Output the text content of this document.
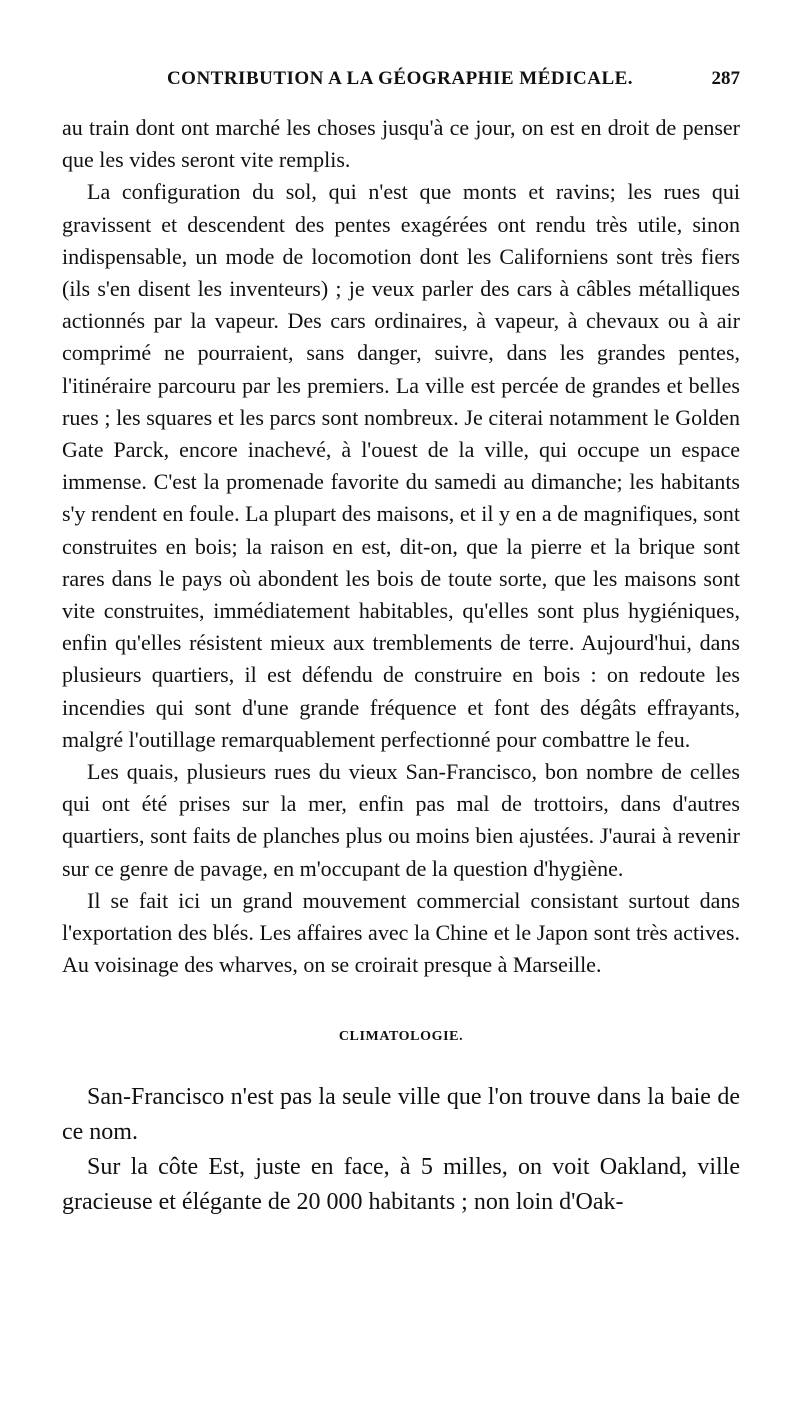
CONTRIBUTION A LA GÉOGRAPHIE MÉDICALE.	287

au train dont ont marché les choses jusqu'à ce jour, on est en droit de penser que les vides seront vite remplis.

La configuration du sol, qui n'est que monts et ravins; les rues qui gravissent et descendent des pentes exagérées ont rendu très utile, sinon indispensable, un mode de locomotion dont les Californiens sont très fiers (ils s'en disent les inventeurs) ; je veux parler des cars à câbles métalliques actionnés par la vapeur. Des cars ordinaires, à vapeur, à chevaux ou à air comprimé ne pourraient, sans danger, suivre, dans les grandes pentes, l'itinéraire parcouru par les premiers. La ville est percée de grandes et belles rues ; les squares et les parcs sont nombreux. Je citerai notamment le Golden Gate Parck, encore inachevé, à l'ouest de la ville, qui occupe un espace immense. C'est la promenade favorite du samedi au dimanche; les habitants s'y rendent en foule. La plupart des maisons, et il y en a de magnifiques, sont construites en bois; la raison en est, dit-on, que la pierre et la brique sont rares dans le pays où abondent les bois de toute sorte, que les maisons sont vite construites, immédiatement habitables, qu'elles sont plus hygiéniques, enfin qu'elles résistent mieux aux tremblements de terre. Aujourd'hui, dans plusieurs quartiers, il est défendu de construire en bois : on redoute les incendies qui sont d'une grande fréquence et font des dégâts effrayants, malgré l'outillage remarquablement perfectionné pour combattre le feu.

Les quais, plusieurs rues du vieux San-Francisco, bon nombre de celles qui ont été prises sur la mer, enfin pas mal de trottoirs, dans d'autres quartiers, sont faits de planches plus ou moins bien ajustées. J'aurai à revenir sur ce genre de pavage, en m'occupant de la question d'hygiène.

Il se fait ici un grand mouvement commercial consistant surtout dans l'exportation des blés. Les affaires avec la Chine et le Japon sont très actives. Au voisinage des wharves, on se croirait presque à Marseille.

CLIMATOLOGIE.

San-Francisco n'est pas la seule ville que l'on trouve dans la baie de ce nom.

Sur la côte Est, juste en face, à 5 milles, on voit Oakland, ville gracieuse et élégante de 20 000 habitants ; non loin d'Oak-
